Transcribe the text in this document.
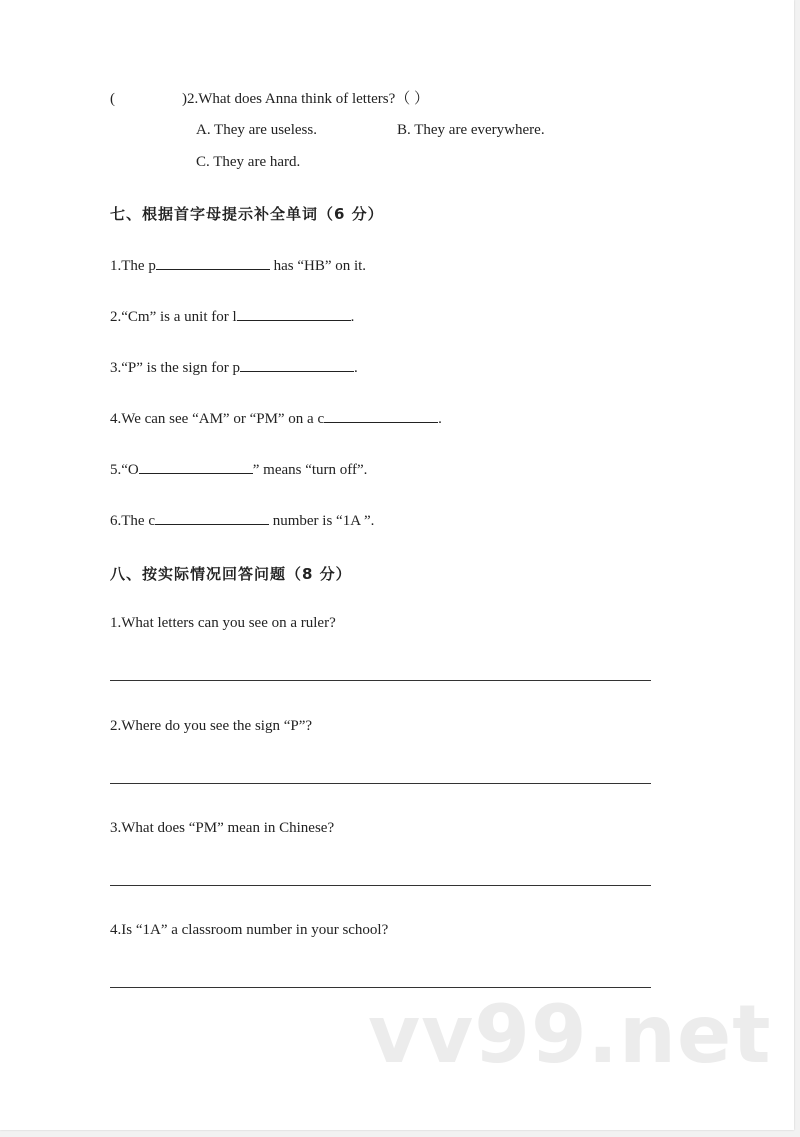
(	)2.What does Anna think of letters?（ ）
A. They are useless.	B. They are everywhere.
C. They are hard.
七、根据首字母提示补全单词（6 分）
1.The p	has “HB” on it.
2.“Cm” is a unit for l	.
3.“P” is the sign for p	.
4.We can see “AM” or “PM” on a c	.
5.“O	” means “turn off”.
6.The c	number is “1A ”.
八、按实际情况回答问题（8 分）
1.What letters can you see on a ruler?
2.Where do you see the sign “P”?
3.What does “PM” mean in Chinese?
4.Is “1A” a classroom number in your school?
vv99.net
